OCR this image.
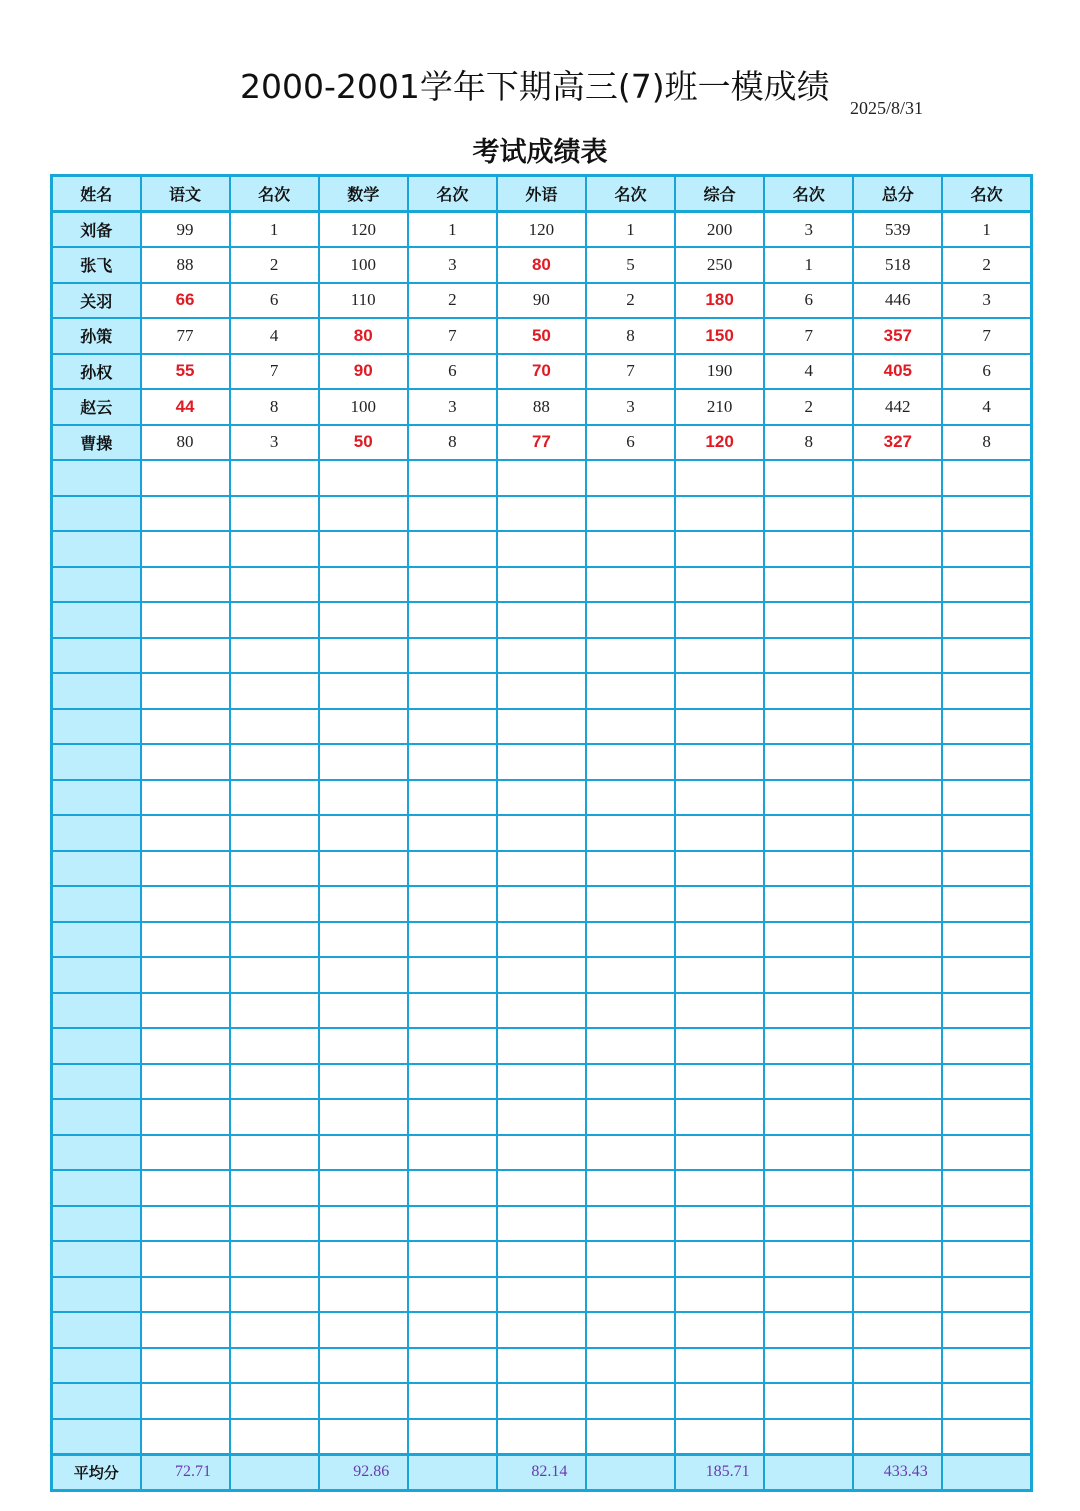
2000-2001学年下期高三(7)班一模成绩
2025/8/31
考试成绩表
姓名	语文	名次	数学	名次	外语	名次	综合	名次	总分	名次
刘备	99	1	120	1	120	1	200	3	539	1
张飞	88	2	100	3	80	5	250	1	518	2
关羽	66	6	110	2	90	2	180	6	446	3
孙策	77	4	80	7	50	8	150	7	357	7
孙权	55	7	90	6	70	7	190	4	405	6
赵云	44	8	100	3	88	3	210	2	442	4
曹操	80	3	50	8	77	6	120	8	327	8

平均分	72.71		92.86		82.14		185.71		433.43	
